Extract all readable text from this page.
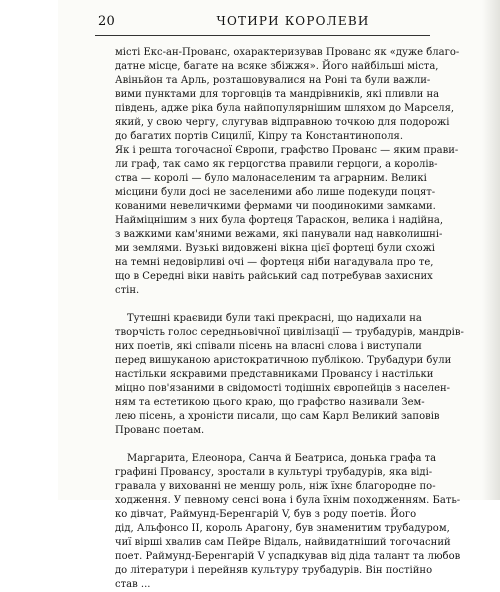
20	ЧОТИРИ КОРОЛЕВИ
місті Екс-ан-Прованс, охарактеризував Прованс як «дуже благо-
датне місце, багате на всяке збіжжя». Його найбільші міста,
Авіньйон та Арль, розташовувалися на Роні та були важли-
вими пунктами для торговців та мандрівників, які пливли на
південь, адже ріка була найпопулярнішим шляхом до Марселя,
який, у свою чергу, слугував відправною точкою для подорожі
до багатих портів Сицилії, Кіпру та Константинополя.
Як і решта тогочасної Європи, графство Прованс — яким прави-
ли граф, так само як герцогства правили герцоги, а королів-
ства — королі — було малонаселеним та аграрним. Великі
місцини були досі не заселеними або лише подекуди поцят-
кованими невеличкими фермами чи поодинокими замками.
Найміцнішим з них була фортеця Тараскон, велика і надійна,
з важкими кам'яними вежами, які панували над навколишні-
ми землями. Вузькі видовжені вікна цієї фортеці були схожі
на темні недовірливі очі — фортеця ніби нагадувала про те,
що в Середні віки навіть райський сад потребував захисних
стін.
Тутешні краєвиди були такі прекрасні, що надихали на
творчість голос середньовічної цивілізації — трубадурів, мандрів-
них поетів, які співали пісень на власні слова і виступали
перед вишуканою аристократичною публікою. Трубадури були
настільки яскравими представниками Провансу і настільки
міцно пов'язаними в свідомості тодішніх європейців з населен-
ням та естетикою цього краю, що графство називали Зем-
лею пісень, а хроністи писали, що сам Карл Великий заповів
Прованс поетам.
Маргарита, Елеонора, Санча й Беатриса, донька графа та
графині Провансу, зростали в культурі трубадурів, яка віді-
гравала у вихованні не меншу роль, ніж їхнє благородне по-
ходження. У певному сенсі вона і була їхнім походженням. Бать-
ко дівчат, Раймунд-Беренгарій V, був з роду поетів. Його
дід, Альфонсо II, король Арагону, був знаменитим трубадуром,
чиї вірші хвалив сам Пейре Відаль, найвидатніший тогочасний
поет. Раймунд-Беренгарій V успадкував від діда талант та любов
до літератури і перейняв культуру трубадурів. Він постійно
став ...
